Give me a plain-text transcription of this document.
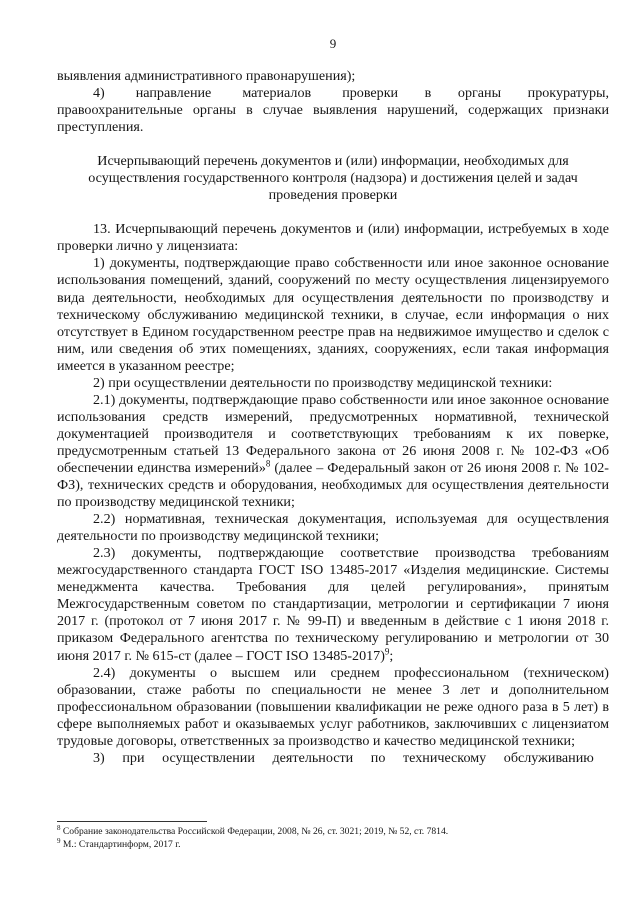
9

выявления административного правонарушения);

4)       направление       материалов       проверки      в      органы      прокуратуры, правоохранительные органы в случае выявления нарушений, содержащих признаки преступления.

Исчерпывающий перечень документов и (или) информации, необходимых для
осуществления государственного контроля (надзора) и достижения целей и задач
проведения проверки

13. Исчерпывающий перечень документов и (или) информации, истребуемых в ходе проверки лично у лицензиата:

1) документы, подтверждающие право собственности или иное законное основание использования помещений, зданий, сооружений по месту осуществления лицензируемого вида деятельности, необходимых для осуществления деятельности по производству и техническому обслуживанию медицинской техники, в случае, если информация о них отсутствует в Едином государственном реестре прав на недвижимое имущество и сделок с ним, или сведения об этих помещениях, зданиях, сооружениях, если такая информация имеется в указанном реестре;

2) при осуществлении деятельности по производству медицинской техники:

2.1) документы, подтверждающие право собственности или иное законное основание использования средств измерений, предусмотренных нормативной, технической документацией производителя и соответствующих требованиям к их поверке, предусмотренным статьей 13 Федерального закона от 26 июня 2008 г. № 102-ФЗ «Об обеспечении единства измерений»$^8$ (далее – Федеральный закон от 26 июня 2008 г. № 102-ФЗ), технических средств и оборудования, необходимых для осуществления деятельности по производству медицинской техники;

2.2) нормативная, техническая документация, используемая для осуществления деятельности по производству медицинской техники;

2.3) документы, подтверждающие соответствие производства требованиям межгосударственного стандарта ГОСТ ISO 13485-2017 «Изделия медицинские. Системы менеджмента качества. Требования для целей регулирования», принятым Межгосударственным советом по стандартизации, метрологии и сертификации 7 июня 2017 г. (протокол от 7 июня 2017 г. № 99-П) и введенным в действие с 1 июня 2018 г. приказом Федерального агентства по техническому регулированию и метрологии от 30 июня 2017 г. № 615-ст (далее – ГОСТ ISO 13485-2017)$^9$;

2.4) документы о высшем или среднем профессиональном (техническом) образовании, стаже работы по специальности не менее 3 лет и дополнительном профессиональном образовании (повышении квалификации не реже одного раза в 5 лет) в сфере выполняемых работ и оказываемых услуг работников, заключивших с лицензиатом трудовые договоры, ответственных за производство и качество медицинской техники;

3)     при     осуществлении     деятельности     по     техническому     обслуживанию

$^8$ Собрание законодательства Российской Федерации, 2008, № 26, ст. 3021; 2019, № 52, ст. 7814.
$^9$ М.: Стандартинформ, 2017 г.
